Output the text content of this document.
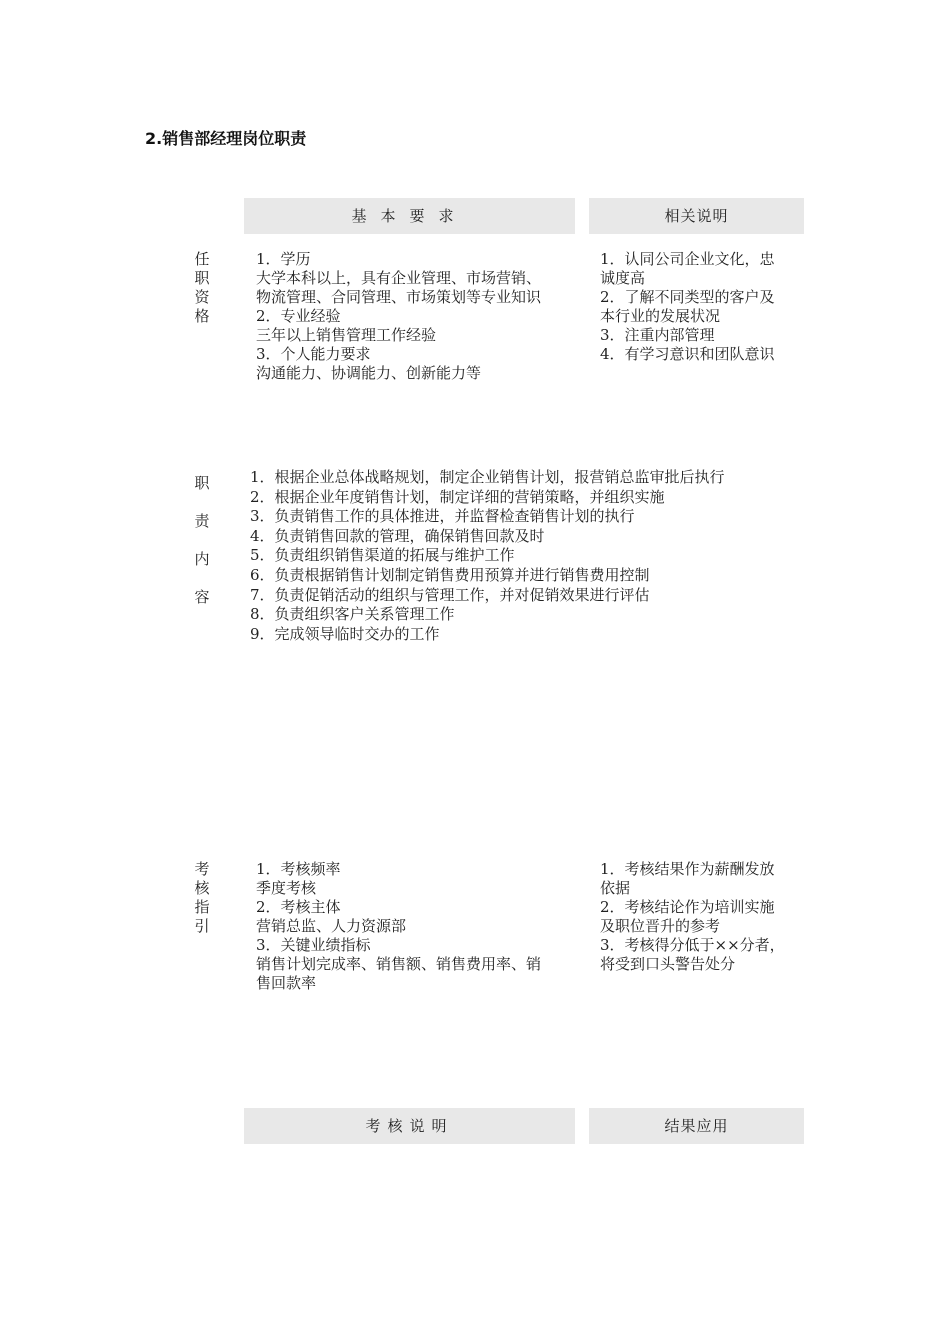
2.销售部经理岗位职责
基本要求	相关说明
任
职
资
格
1．学历
大学本科以上，具有企业管理、市场营销、
物流管理、合同管理、市场策划等专业知识
2．专业经验
三年以上销售管理工作经验
3．个人能力要求
沟通能力、协调能力、创新能力等
1．认同公司企业文化，忠
诚度高
2．了解不同类型的客户及
本行业的发展状况
3．注重内部管理
4．有学习意识和团队意识
职
责
内
容
1．根据企业总体战略规划，制定企业销售计划，报营销总监审批后执行
2．根据企业年度销售计划，制定详细的营销策略，并组织实施
3．负责销售工作的具体推进，并监督检查销售计划的执行
4．负责销售回款的管理，确保销售回款及时
5．负责组织销售渠道的拓展与维护工作
6．负责根据销售计划制定销售费用预算并进行销售费用控制
7．负责促销活动的组织与管理工作，并对促销效果进行评估
8．负责组织客户关系管理工作
9．完成领导临时交办的工作
考
核
指
引
1．考核频率
季度考核
2．考核主体
营销总监、人力资源部
3．关键业绩指标
销售计划完成率、销售额、销售费用率、销
售回款率
1．考核结果作为薪酬发放
依据
2．考核结论作为培训实施
及职位晋升的参考
3．考核得分低于××分者，
将受到口头警告处分
考核说明	结果应用
